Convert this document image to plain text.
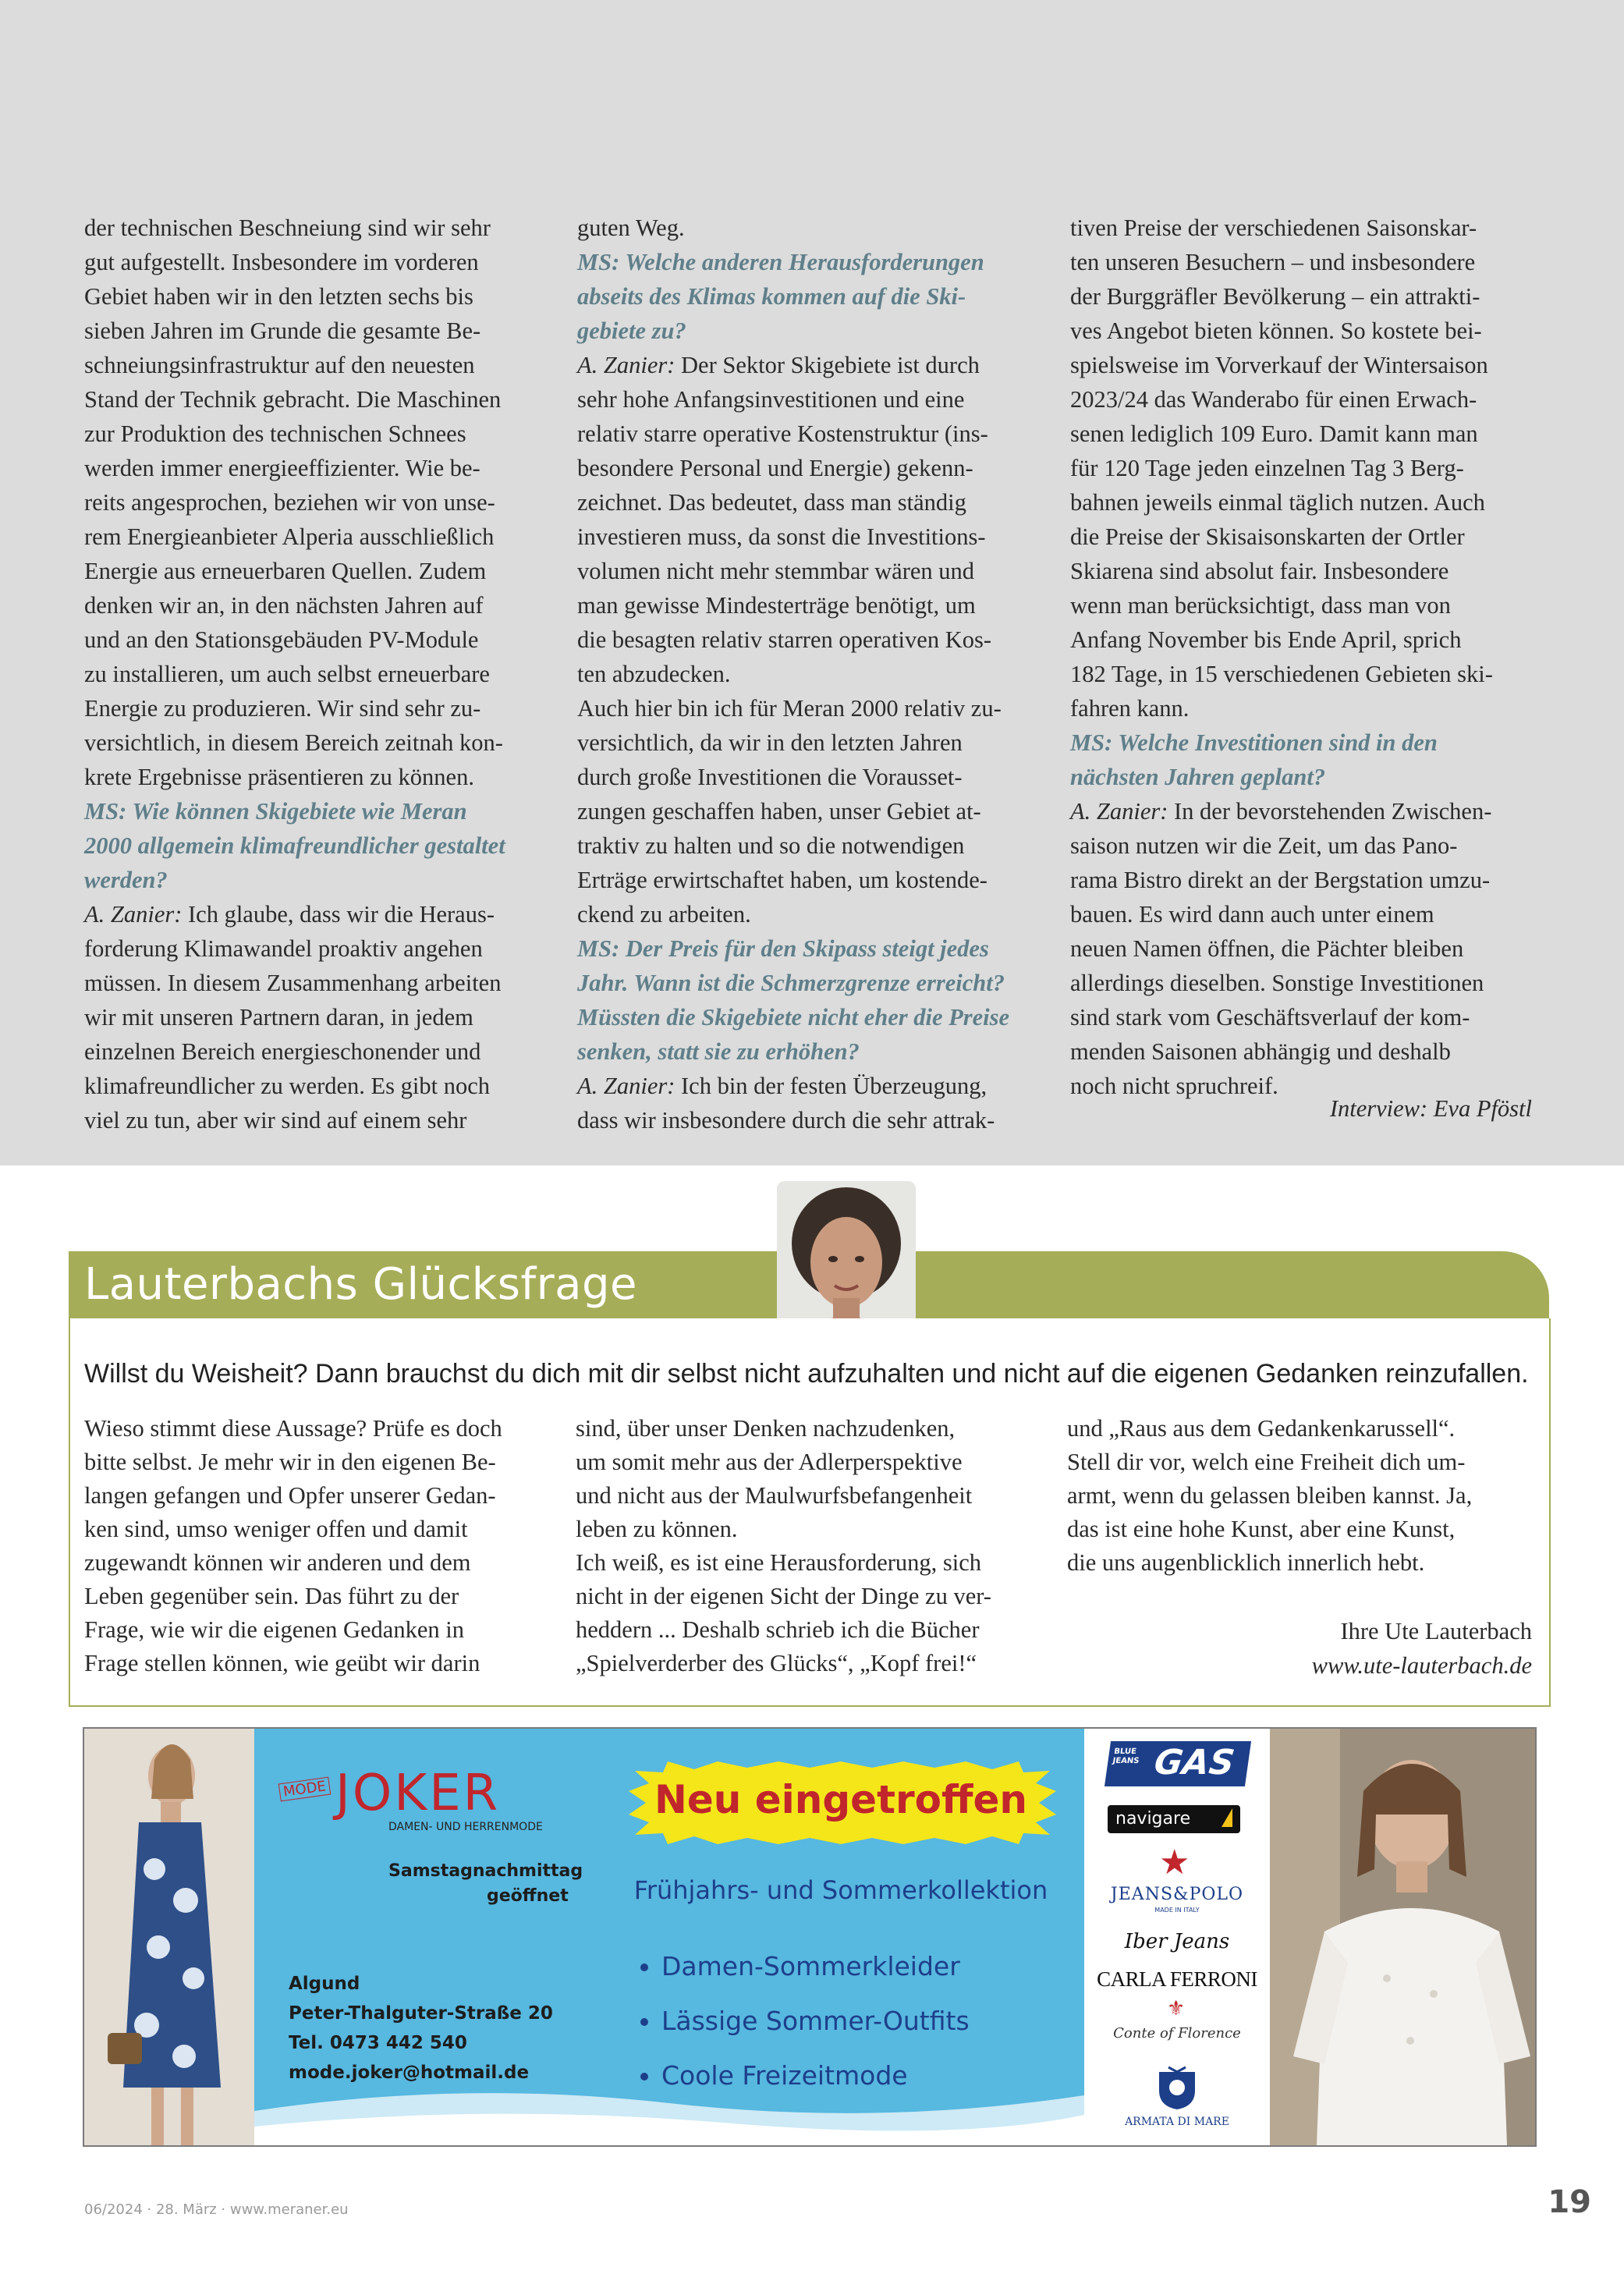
der technischen Beschneiung sind wir sehr

gut aufgestellt. Insbesondere im vorderen

Gebiet haben wir in den letzten sechs bis

sieben Jahren im Grunde die gesamte Be-

schneiungsinfrastruktur auf den neuesten

Stand der Technik gebracht. Die Maschinen

zur Produktion des technischen Schnees

werden immer energieeffizienter. Wie be-

reits angesprochen, beziehen wir von unse-

rem Energieanbieter Alperia ausschließlich

Energie aus erneuerbaren Quellen. Zudem

denken wir an, in den nächsten Jahren auf

und an den Stationsgebäuden PV-Module

zu installieren, um auch selbst erneuerbare

Energie zu produzieren. Wir sind sehr zu-

versichtlich, in diesem Bereich zeitnah kon-

krete Ergebnisse präsentieren zu können.

MS: Wie können Skigebiete wie Meran

2000 allgemein klimafreundlicher gestaltet

werden?

A. Zanier: Ich glaube, dass wir die Heraus-

forderung Klimawandel proaktiv angehen

müssen. In diesem Zusammenhang arbeiten

wir mit unseren Partnern daran, in jedem

einzelnen Bereich energieschonender und

klimafreundlicher zu werden. Es gibt noch

viel zu tun, aber wir sind auf einem sehr

guten Weg.

MS: Welche anderen Herausforderungen

abseits des Klimas kommen auf die Ski-

gebiete zu?

A. Zanier: Der Sektor Skigebiete ist durch

sehr hohe Anfangsinvestitionen und eine

relativ starre operative Kostenstruktur (ins-

besondere Personal und Energie) gekenn-

zeichnet. Das bedeutet, dass man ständig

investieren muss, da sonst die Investitions-

volumen nicht mehr stemmbar wären und

man gewisse Mindesterträge benötigt, um

die besagten relativ starren operativen Kos-

ten abzudecken.

Auch hier bin ich für Meran 2000 relativ zu-

versichtlich, da wir in den letzten Jahren

durch große Investitionen die Vorausset-

zungen geschaffen haben, unser Gebiet at-

traktiv zu halten und so die notwendigen

Erträge erwirtschaftet haben, um kostende-

ckend zu arbeiten.

MS: Der Preis für den Skipass steigt jedes

Jahr. Wann ist die Schmerzgrenze erreicht?

Müssten die Skigebiete nicht eher die Preise

senken, statt sie zu erhöhen?

A. Zanier: Ich bin der festen Überzeugung,

dass wir insbesondere durch die sehr attrak-

tiven Preise der verschiedenen Saisonskar-

ten unseren Besuchern – und insbesondere

der Burggräfler Bevölkerung – ein attrakti-

ves Angebot bieten können. So kostete bei-

spielsweise im Vorverkauf der Wintersaison

2023/24 das Wanderabo für einen Erwach-

senen lediglich 109 Euro. Damit kann man

für 120 Tage jeden einzelnen Tag 3 Berg-

bahnen jeweils einmal täglich nutzen. Auch

die Preise der Skisaisonskarten der Ortler

Skiarena sind absolut fair. Insbesondere

wenn man berücksichtigt, dass man von

Anfang November bis Ende April, sprich

182 Tage, in 15 verschiedenen Gebieten ski-

fahren kann.

MS: Welche Investitionen sind in den

nächsten Jahren geplant?

A. Zanier: In der bevorstehenden Zwischen-

saison nutzen wir die Zeit, um das Pano-

rama Bistro direkt an der Bergstation umzu-

bauen. Es wird dann auch unter einem

neuen Namen öffnen, die Pächter bleiben

allerdings dieselben. Sonstige Investitionen

sind stark vom Geschäftsverlauf der kom-

menden Saisonen abhängig und deshalb

noch nicht spruchreif.

Interview: Eva Pföstl
Lauterbachs Glücksfrage
Willst du Weisheit? Dann brauchst du dich mit dir selbst nicht aufzuhalten und nicht auf die eigenen Gedanken reinzufallen.
Wieso stimmt diese Aussage? Prüfe es doch
bitte selbst. Je mehr wir in den eigenen Be-
langen gefangen und Opfer unserer Gedan-
ken sind, umso weniger offen und damit
zugewandt können wir anderen und dem
Leben gegenüber sein. Das führt zu der
Frage, wie wir die eigenen Gedanken in
Frage stellen können, wie geübt wir darin
sind, über unser Denken nachzudenken,
um somit mehr aus der Adlerperspektive
und nicht aus der Maulwurfsbefangenheit
leben zu können.
Ich weiß, es ist eine Herausforderung, sich
nicht in der eigenen Sicht der Dinge zu ver-
heddern ... Deshalb schrieb ich die Bücher
„Spielverderber des Glücks“, „Kopf frei!“
und „Raus aus dem Gedankenkarussell“.
Stell dir vor, welch eine Freiheit dich um-
armt, wenn du gelassen bleiben kannst. Ja,
das ist eine hohe Kunst, aber eine Kunst,
die uns augenblicklich innerlich hebt.
Ihre Ute Lauterbach
www.ute-lauterbach.de
MODE JOKER
DAMEN- UND HERRENMODE
Samstagnachmittag
geöffnet
Algund
Peter-Thalguter-Straße 20
Tel. 0473 442 540
mode.joker@hotmail.de
Neu eingetroffen
Frühjahrs- und Sommerkollektion
• Damen-Sommerkleider
• Lässige Sommer-Outfits
• Coole Freizeitmode
BLUE JEANS GAS
navigare
★
JEANS&POLO
MADE IN ITALY
Iber Jeans
CARLA FERRONI
⚜
Conte of Florence
ARMATA DI MARE
06/2024 · 28. März · www.meraner.eu	19
